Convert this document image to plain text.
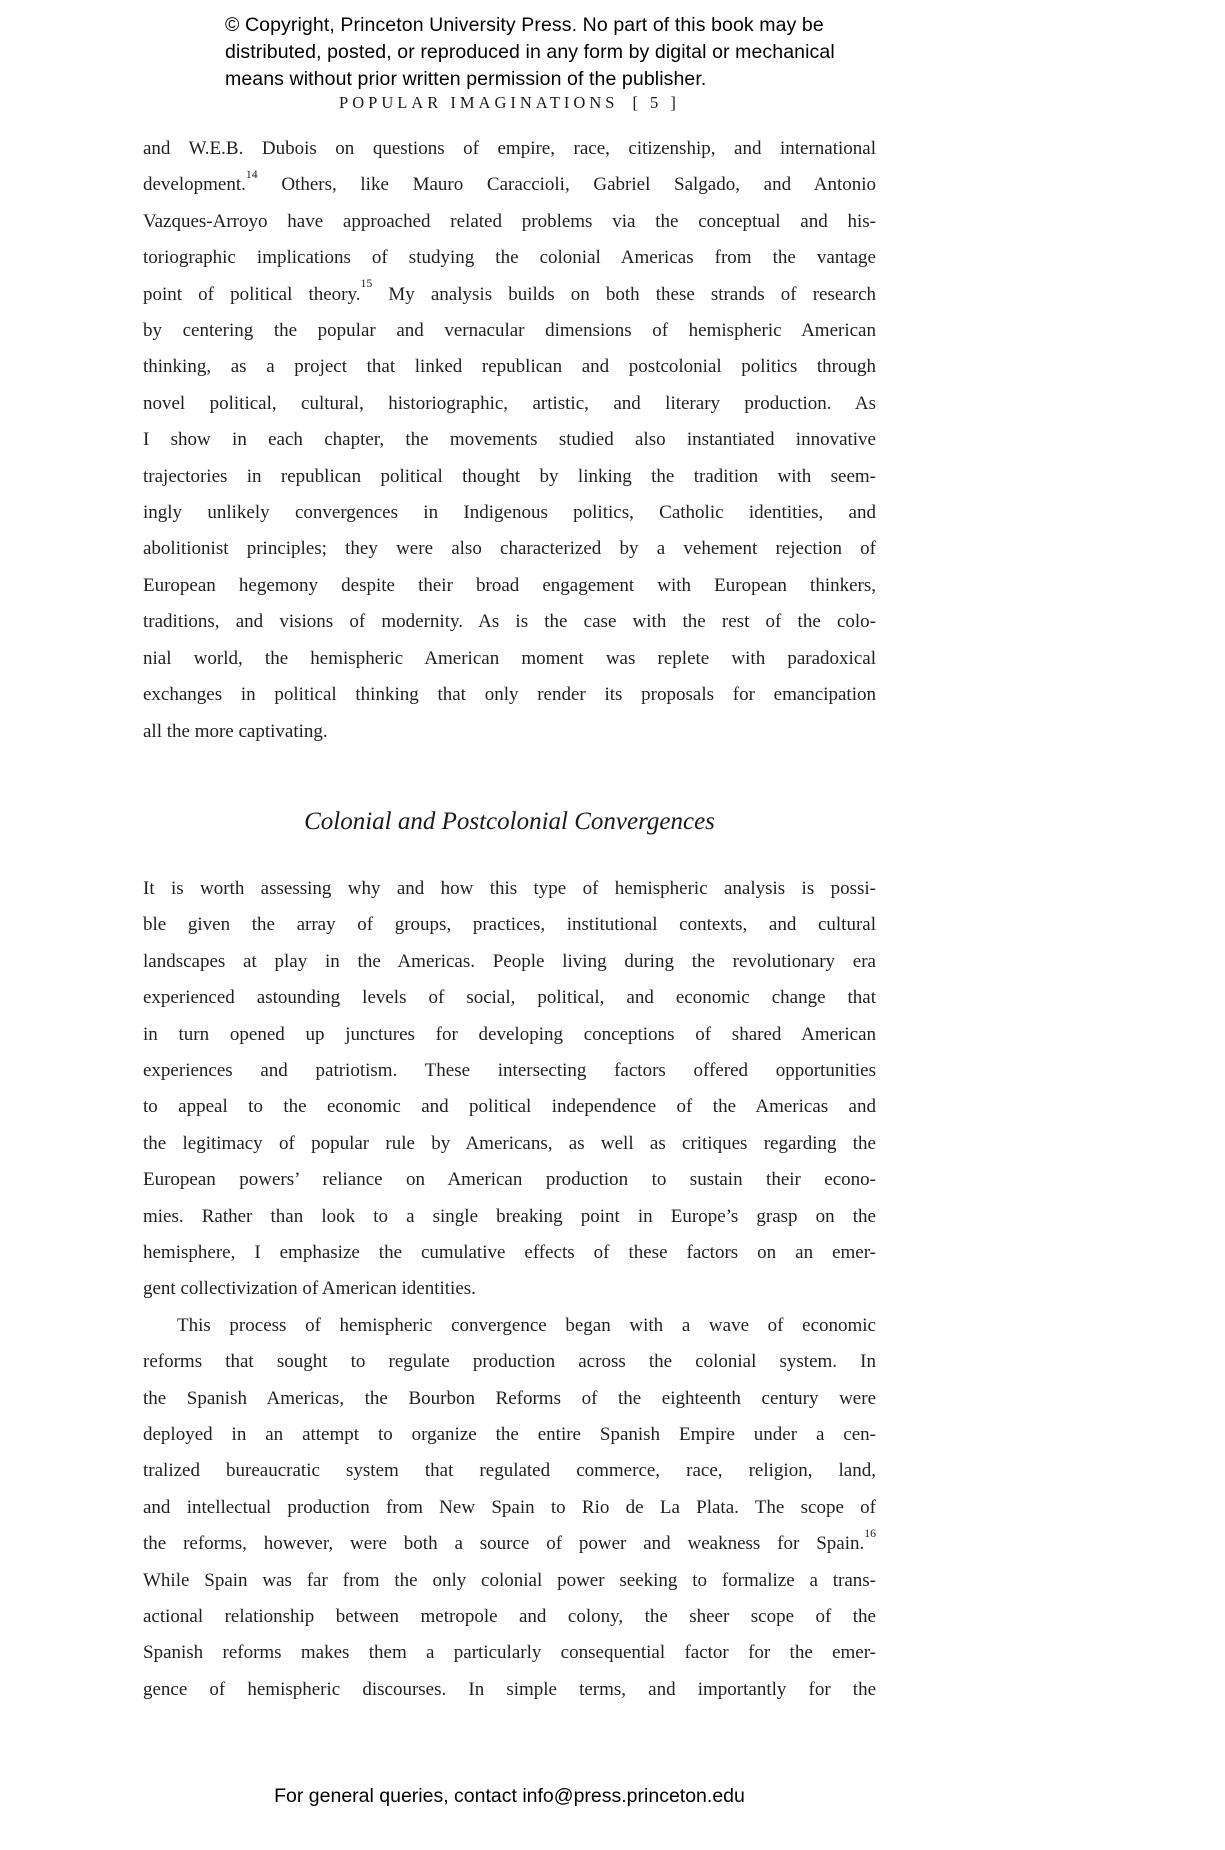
© Copyright, Princeton University Press. No part of this book may be
distributed, posted, or reproduced in any form by digital or mechanical
means without prior written permission of the publisher.
POPULAR IMAGINATIONS [ 5 ]
and W.E.B. Dubois on questions of empire, race, citizenship, and international
development.$^{14}$ Others, like Mauro Caraccioli, Gabriel Salgado, and Antonio
Vazques-Arroyo have approached related problems via the conceptual and his-
toriographic implications of studying the colonial Americas from the vantage
point of political theory.$^{15}$ My analysis builds on both these strands of research
by centering the popular and vernacular dimensions of hemispheric American
thinking, as a project that linked republican and postcolonial politics through
novel political, cultural, historiographic, artistic, and literary production. As
I show in each chapter, the movements studied also instantiated innovative
trajectories in republican political thought by linking the tradition with seem-
ingly unlikely convergences in Indigenous politics, Catholic identities, and
abolitionist principles; they were also characterized by a vehement rejection of
European hegemony despite their broad engagement with European thinkers,
traditions, and visions of modernity. As is the case with the rest of the colo-
nial world, the hemispheric American moment was replete with paradoxical
exchanges in political thinking that only render its proposals for emancipation
all the more captivating.
Colonial and Postcolonial Convergences
It is worth assessing why and how this type of hemispheric analysis is possi-
ble given the array of groups, practices, institutional contexts, and cultural
landscapes at play in the Americas. People living during the revolutionary era
experienced astounding levels of social, political, and economic change that
in turn opened up junctures for developing conceptions of shared American
experiences and patriotism. These intersecting factors offered opportunities
to appeal to the economic and political independence of the Americas and
the legitimacy of popular rule by Americans, as well as critiques regarding the
European powers’ reliance on American production to sustain their econo-
mies. Rather than look to a single breaking point in Europe’s grasp on the
hemisphere, I emphasize the cumulative effects of these factors on an emer-
gent collectivization of American identities.
This process of hemispheric convergence began with a wave of economic
reforms that sought to regulate production across the colonial system. In
the Spanish Americas, the Bourbon Reforms of the eighteenth century were
deployed in an attempt to organize the entire Spanish Empire under a cen-
tralized bureaucratic system that regulated commerce, race, religion, land,
and intellectual production from New Spain to Rio de La Plata. The scope of
the reforms, however, were both a source of power and weakness for Spain.$^{16}$
While Spain was far from the only colonial power seeking to formalize a trans-
actional relationship between metropole and colony, the sheer scope of the
Spanish reforms makes them a particularly consequential factor for the emer-
gence of hemispheric discourses. In simple terms, and importantly for the
For general queries, contact info@press.princeton.edu
